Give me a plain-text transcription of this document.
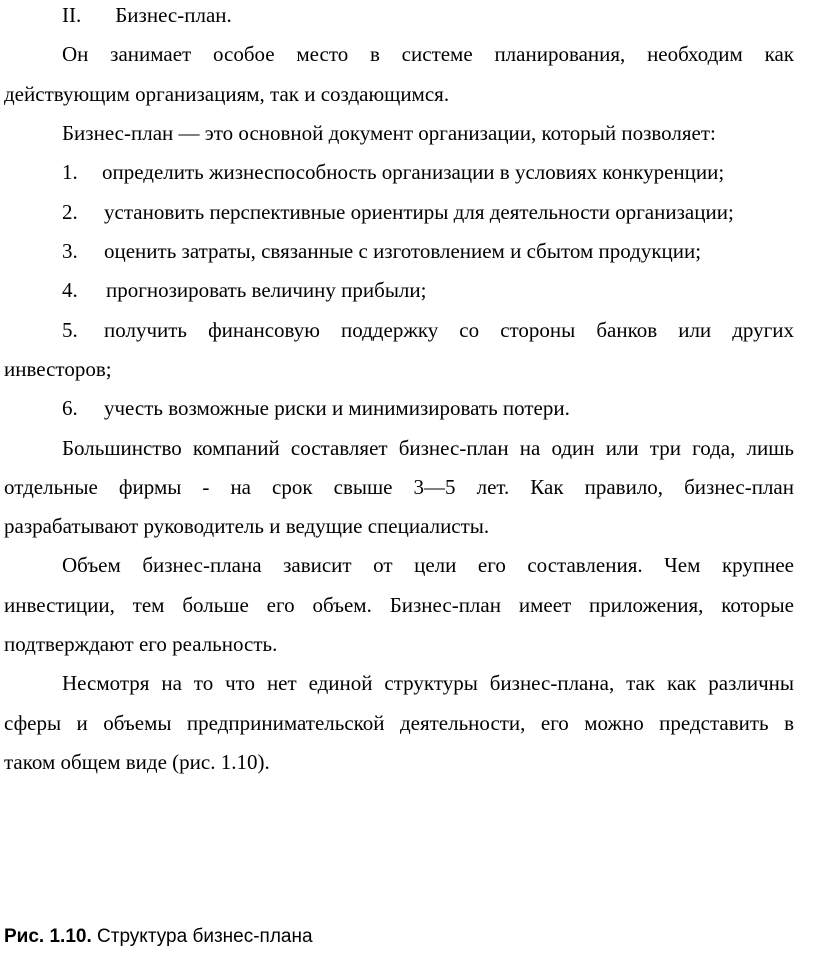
II. Бизнес-план.
Он занимает особое место в системе планирования, необходим как
действующим организациям, так и создающимся.
Бизнес-план — это основной документ организации, который позволяет:
1. определить жизнеспособность организации в условиях конкуренции;
2. установить перспективные ориентиры для деятельности организации;
3. оценить затраты, связанные с изготовлением и сбытом продукции;
4. прогнозировать величину прибыли;
5. получить финансовую поддержку со стороны банков или других
инвесторов;
6. учесть возможные риски и минимизировать потери.
Большинство компаний составляет бизнес-план на один или три года, лишь
отдельные фирмы - на срок свыше 3—5 лет. Как правило, бизнес-план
разрабатывают руководитель и ведущие специалисты.
Объем бизнес-плана зависит от цели его составления. Чем крупнее
инвестиции, тем больше его объем. Бизнес-план имеет приложения, которые
подтверждают его реальность.
Несмотря на то что нет единой структуры бизнес-плана, так как различны
сферы и объемы предпринимательской деятельности, его можно представить в
таком общем виде (рис. 1.10).
Рис. 1.10. Структура бизнес-плана
